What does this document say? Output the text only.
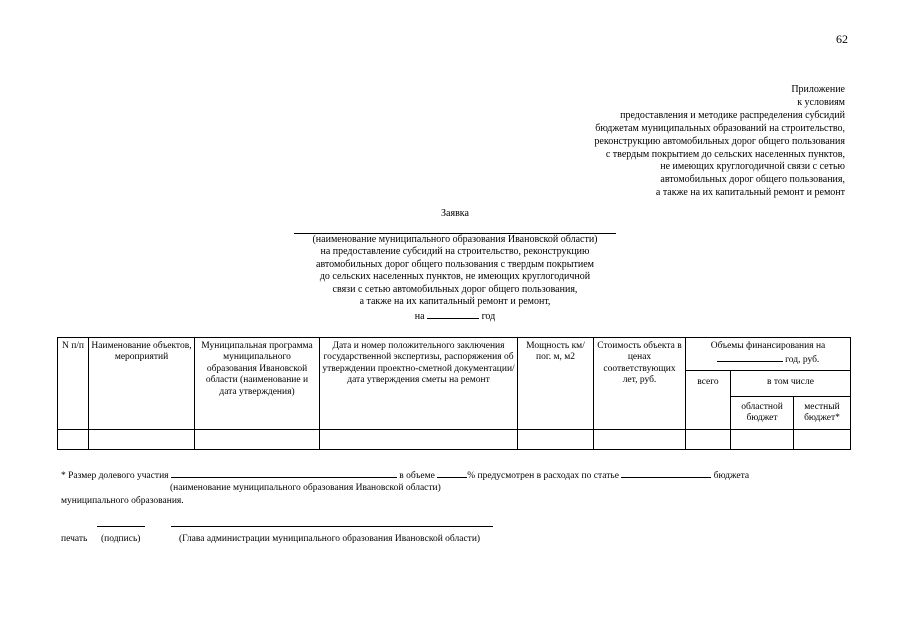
62
Приложение
к условиям
предоставления и методике распределения субсидий
бюджетам муниципальных образований на строительство,
реконструкцию автомобильных дорог общего пользования
с твердым покрытием до сельских населенных пунктов,
не имеющих круглогодичной связи с сетью
автомобильных дорог общего пользования,
а также на их капитальный ремонт и ремонт
Заявка
(наименование муниципального образования Ивановской области)
на предоставление субсидий на строительство, реконструкцию
автомобильных дорог общего пользования с твердым покрытием
до сельских населенных пунктов, не имеющих круглогодичной
связи с сетью автомобильных дорог общего пользования,
а также на их капитальный ремонт и ремонт,
на	год
N п/п	Наименование объектов, мероприятий	Муниципальная программа муниципального образования Ивановской области (наименование и дата утверждения)	Дата и номер положительного заключения государственной экспертизы, распоряжения об утверждении проектно-сметной документации/дата утверждения сметы на ремонт	Мощность км/пог. м, м2	Стоимость объекта в ценах соответствующих лет, руб.	Объемы финансирования на
год, руб.		

						всего	в том числе	
							областной бюджет	местный бюджет*

* Размер долевого участия	в объеме	% предусмотрен в расходах по статье	бюджета
(наименование муниципального образования Ивановской области)
муниципального образования.
печать (подпись)	(Глава администрации муниципального образования Ивановской области)
